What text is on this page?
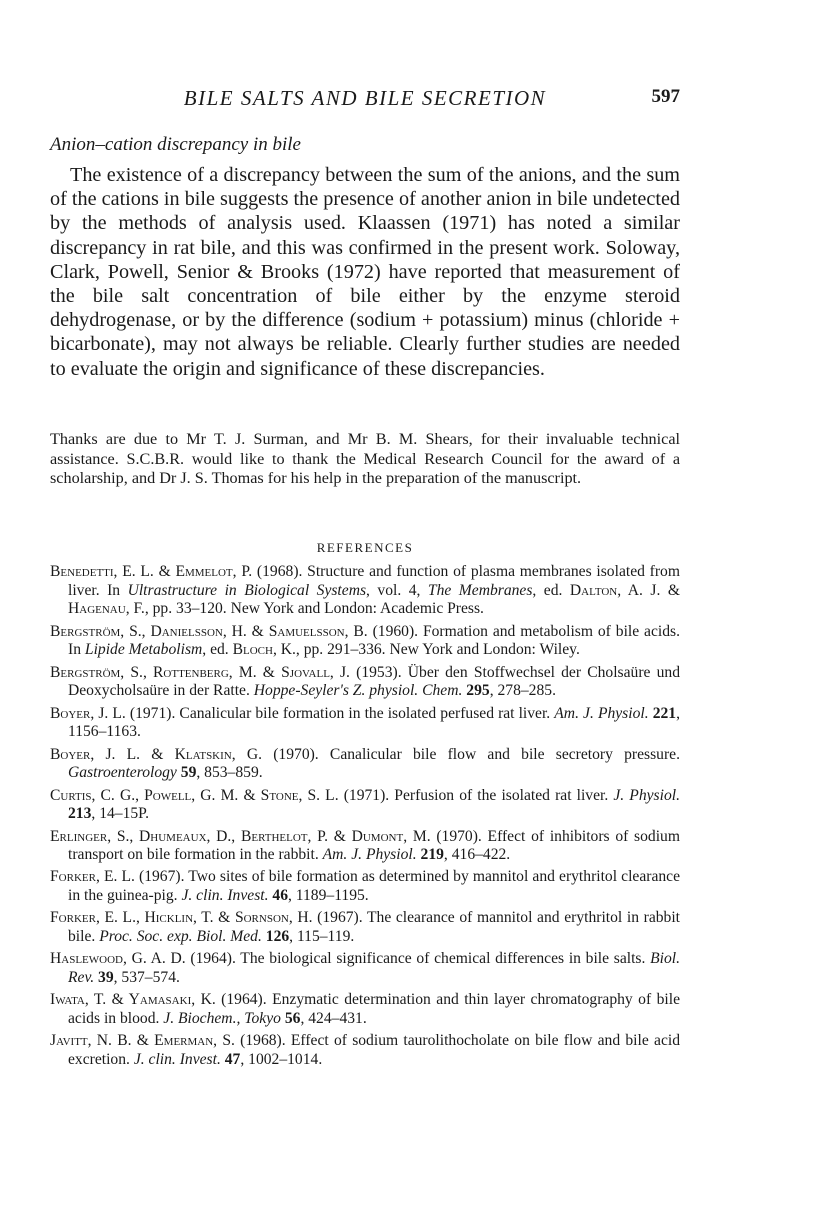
BILE SALTS AND BILE SECRETION	597
Anion–cation discrepancy in bile

The existence of a discrepancy between the sum of the anions, and the sum of the cations in bile suggests the presence of another anion in bile undetected by the methods of analysis used. Klaassen (1971) has noted a similar discrepancy in rat bile, and this was confirmed in the present work. Soloway, Clark, Powell, Senior & Brooks (1972) have reported that measurement of the bile salt concentration of bile either by the enzyme steroid dehydrogenase, or by the difference (sodium + potassium) minus (chloride + bicarbonate), may not always be reliable. Clearly further studies are needed to evaluate the origin and significance of these discrepancies.

Thanks are due to Mr T. J. Surman, and Mr B. M. Shears, for their invaluable technical assistance. S.C.B.R. would like to thank the Medical Research Council for the award of a scholarship, and Dr J. S. Thomas for his help in the preparation of the manuscript.

REFERENCES
Benedetti, E. L. & Emmelot, P. (1968). Structure and function of plasma membranes isolated from liver. In Ultrastructure in Biological Systems, vol. 4, The Membranes, ed. Dalton, A. J. & Hagenau, F., pp. 33–120. New York and London: Academic Press.
Bergström, S., Danielsson, H. & Samuelsson, B. (1960). Formation and metabolism of bile acids. In Lipide Metabolism, ed. Bloch, K., pp. 291–336. New York and London: Wiley.
Bergström, S., Rottenberg, M. & Sjovall, J. (1953). Über den Stoffwechsel der Cholsaüre und Deoxycholsaüre in der Ratte. Hoppe-Seyler's Z. physiol. Chem. 295, 278–285.
Boyer, J. L. (1971). Canalicular bile formation in the isolated perfused rat liver. Am. J. Physiol. 221, 1156–1163.
Boyer, J. L. & Klatskin, G. (1970). Canalicular bile flow and bile secretory pressure. Gastroenterology 59, 853–859.
Curtis, C. G., Powell, G. M. & Stone, S. L. (1971). Perfusion of the isolated rat liver. J. Physiol. 213, 14–15P.
Erlinger, S., Dhumeaux, D., Berthelot, P. & Dumont, M. (1970). Effect of inhibitors of sodium transport on bile formation in the rabbit. Am. J. Physiol. 219, 416–422.
Forker, E. L. (1967). Two sites of bile formation as determined by mannitol and erythritol clearance in the guinea-pig. J. clin. Invest. 46, 1189–1195.
Forker, E. L., Hicklin, T. & Sornson, H. (1967). The clearance of mannitol and erythritol in rabbit bile. Proc. Soc. exp. Biol. Med. 126, 115–119.
Haslewood, G. A. D. (1964). The biological significance of chemical differences in bile salts. Biol. Rev. 39, 537–574.
Iwata, T. & Yamasaki, K. (1964). Enzymatic determination and thin layer chromatography of bile acids in blood. J. Biochem., Tokyo 56, 424–431.
Javitt, N. B. & Emerman, S. (1968). Effect of sodium taurolithocholate on bile flow and bile acid excretion. J. clin. Invest. 47, 1002–1014.
